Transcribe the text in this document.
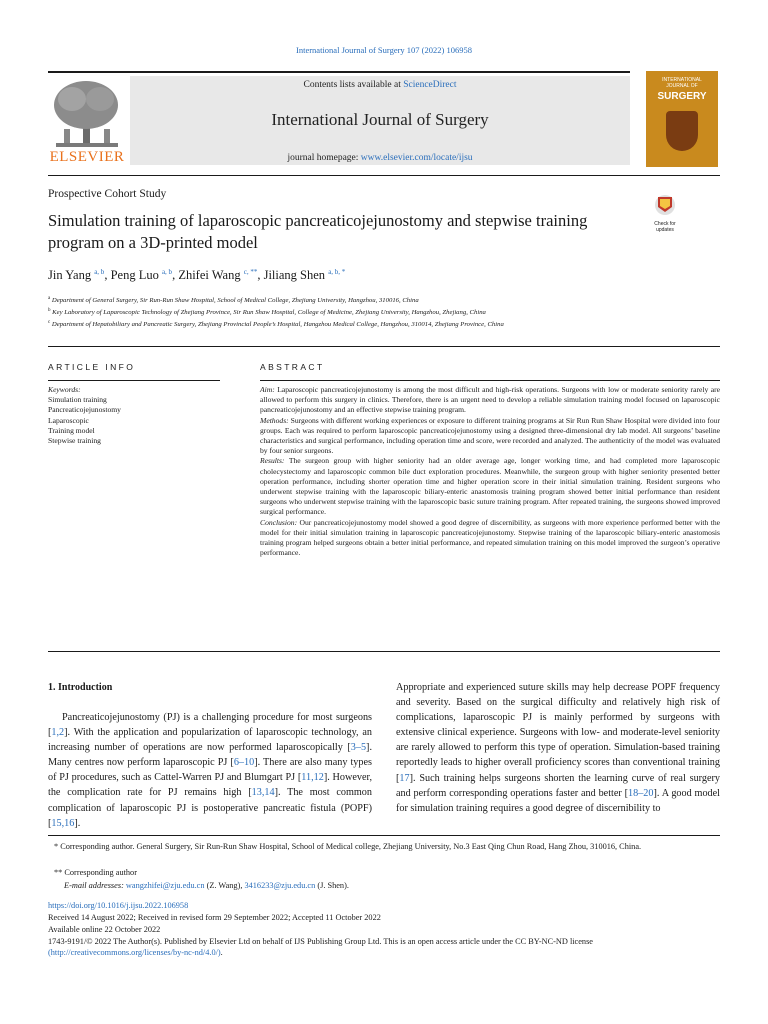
International Journal of Surgery 107 (2022) 106958
ELSEVIER
Contents lists available at ScienceDirect
International Journal of Surgery
journal homepage: www.elsevier.com/locate/ijsu
INTERNATIONAL JOURNAL OF
SURGERY
Prospective Cohort Study
Simulation training of laparoscopic pancreaticojejunostomy and stepwise training program on a 3D-printed model
Check for updates
Jin Yang $^{a, b}$, Peng Luo $^{a, b}$, Zhifei Wang $^{c, **}$, Jiliang Shen $^{a, b, *}$
$^a$ Department of General Surgery, Sir Run-Run Shaw Hospital, School of Medical College, Zhejiang University, Hangzhou, 310016, China
$^b$ Key Laboratory of Laparoscopic Technology of Zhejiang Province, Sir Run Shaw Hospital, College of Medicine, Zhejiang University, Hangzhou, Zhejiang, China
$^c$ Department of Hepatobiliary and Pancreatic Surgery, Zhejiang Provincial People’s Hospital, Hangzhou Medical College, Hangzhou, 310014, Zhejiang Province, China
ARTICLE INFO	ABSTRACT
Keywords:
Simulation training
Pancreaticojejunostomy
Laparoscopic
Training model
Stepwise training

Aim: Laparoscopic pancreaticojejunostomy is among the most difficult and high-risk operations. Surgeons with low or moderate seniority rarely are allowed to perform this surgery in clinics. Therefore, there is an urgent need to develop a reliable simulation training model focused on laparoscopic pancreaticojejunostomy and an effective stepwise training program.

Methods: Surgeons with different working experiences or exposure to different training programs at Sir Run Run Shaw Hospital were divided into four groups. Each was required to perform laparoscopic pancreaticojejunostomy using a designed three-dimensional dry lab model. All surgeons’ baseline characteristics and surgical performance, including operation time and score, were recorded and analyzed. The authenticity of the model was evaluated by four senior surgeons.

Results: The surgeon group with higher seniority had an older average age, longer working time, and had completed more laparoscopic cholecystectomy and laparoscopic common bile duct exploration procedures. Meanwhile, the surgeon group with higher seniority presented better operation performance, including shorter operation time and higher operation score in their initial simulation training. Resident surgeons who underwent stepwise training with the laparoscopic biliary-enteric anastomosis training program showed better initial performance than resident surgeons who underwent stepwise training with the laparoscopic basic suture training program. After repeated training, the surgeons showed improved surgical performance.

Conclusion: Our pancreaticojejunostomy model showed a good degree of discernibility, as surgeons with more experience performed better with the model for their initial simulation training in laparoscopic pancreaticojejunostomy. Stepwise training of the laparoscopic biliary-enteric anastomosis training program helped surgeons obtain a better initial performance, and repeated simulation training on this model improved the surgeon’s operative performance.

1. Introduction

Pancreaticojejunostomy (PJ) is a challenging procedure for most surgeons [1,2]. With the application and popularization of laparoscopic technology, an increasing number of operations are now performed laparoscopically [3–5]. Many centres now perform laparoscopic PJ [6–10]. There are also many types of PJ procedures, such as Cattel-Warren PJ and Blumgart PJ [11,12]. However, the complication rate for PJ remains high [13,14]. The most common complication of laparoscopic PJ is postoperative pancreatic fistula (POPF) [15,16].

Appropriate and experienced suture skills may help decrease POPF frequency and severity. Based on the surgical difficulty and relatively high risk of complications, laparoscopic PJ is mainly performed by surgeons with extensive clinical experience. Surgeons with low- and moderate-level seniority are rarely allowed to perform this type of operation. Simulation-based training reportedly leads to higher overall proficiency scores than conventional training [17]. Such training helps surgeons shorten the learning curve of real surgery and perform corresponding operations faster and better [18–20]. A good model for simulation training requires a good degree of discernibility to

* Corresponding author. General Surgery, Sir Run-Run Shaw Hospital, School of Medical college, Zhejiang University, No.3 East Qing Chun Road, Hang Zhou, 310016, China.
** Corresponding author
E-mail addresses: wangzhifei@zju.edu.cn (Z. Wang), 3416233@zju.edu.cn (J. Shen).
https://doi.org/10.1016/j.ijsu.2022.106958
Received 14 August 2022; Received in revised form 29 September 2022; Accepted 11 October 2022
Available online 22 October 2022
1743-9191/© 2022 The Author(s). Published by Elsevier Ltd on behalf of IJS Publishing Group Ltd. This is an open access article under the CC BY-NC-ND license (http://creativecommons.org/licenses/by-nc-nd/4.0/).
